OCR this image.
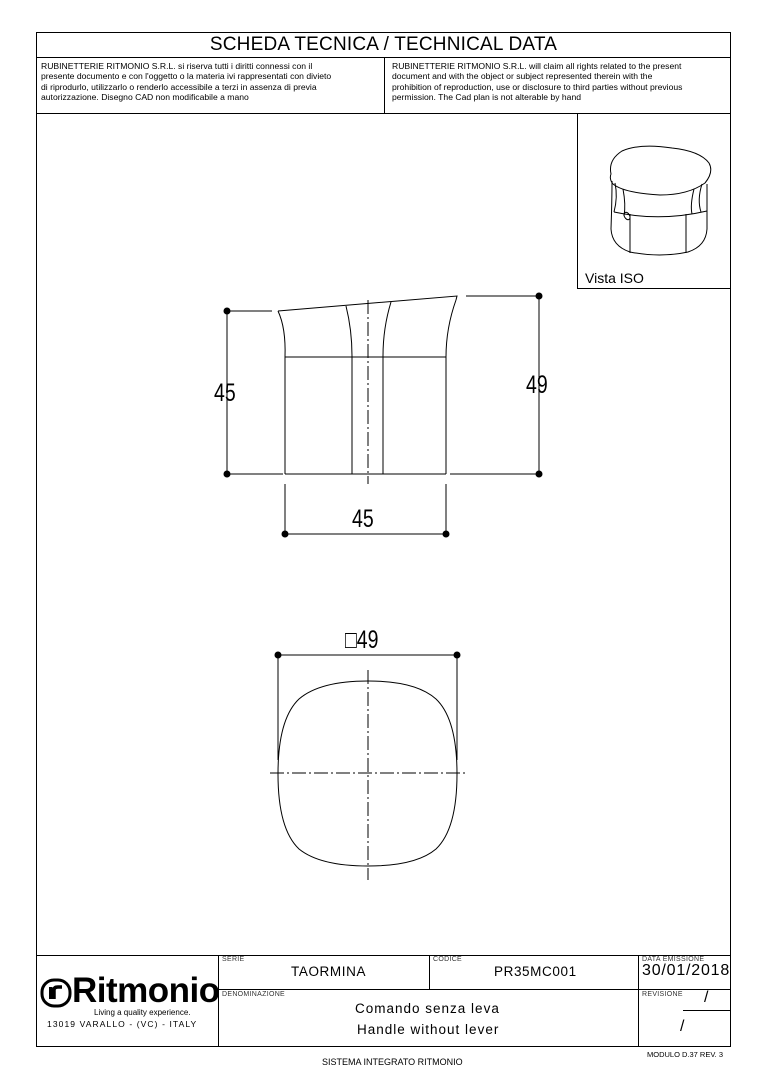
SCHEDA TECNICA / TECHNICAL DATA
RUBINETTERIE RITMONIO S.R.L. si riserva tutti i diritti connessi con il
presente documento e con l'oggetto o la materia ivi rappresentati con divieto
di riprodurlo, utilizzarlo o renderlo accessibile a terzi in assenza di previa
autorizzazione. Disegno CAD non modificabile a mano
RUBINETTERIE RITMONIO S.R.L. will claim all rights related to the present
document and with the object or subject represented therein with the
prohibition of reproduction, use or disclosure to third parties without previous
permission. The Cad plan is not alterable by hand
Vista ISO
45	49
45
□49
Ritmonio
Living a quality experience.
13019 VARALLO - (VC) - ITALY
SERIE
TAORMINA
CODICE
PR35MC001
DATA EMISSIONE
30/01/2018
DENOMINAZIONE
Comando senza leva
Handle without lever
REVISIONE /
/
SISTEMA INTEGRATO RITMONIO
MODULO D.37 REV. 3
